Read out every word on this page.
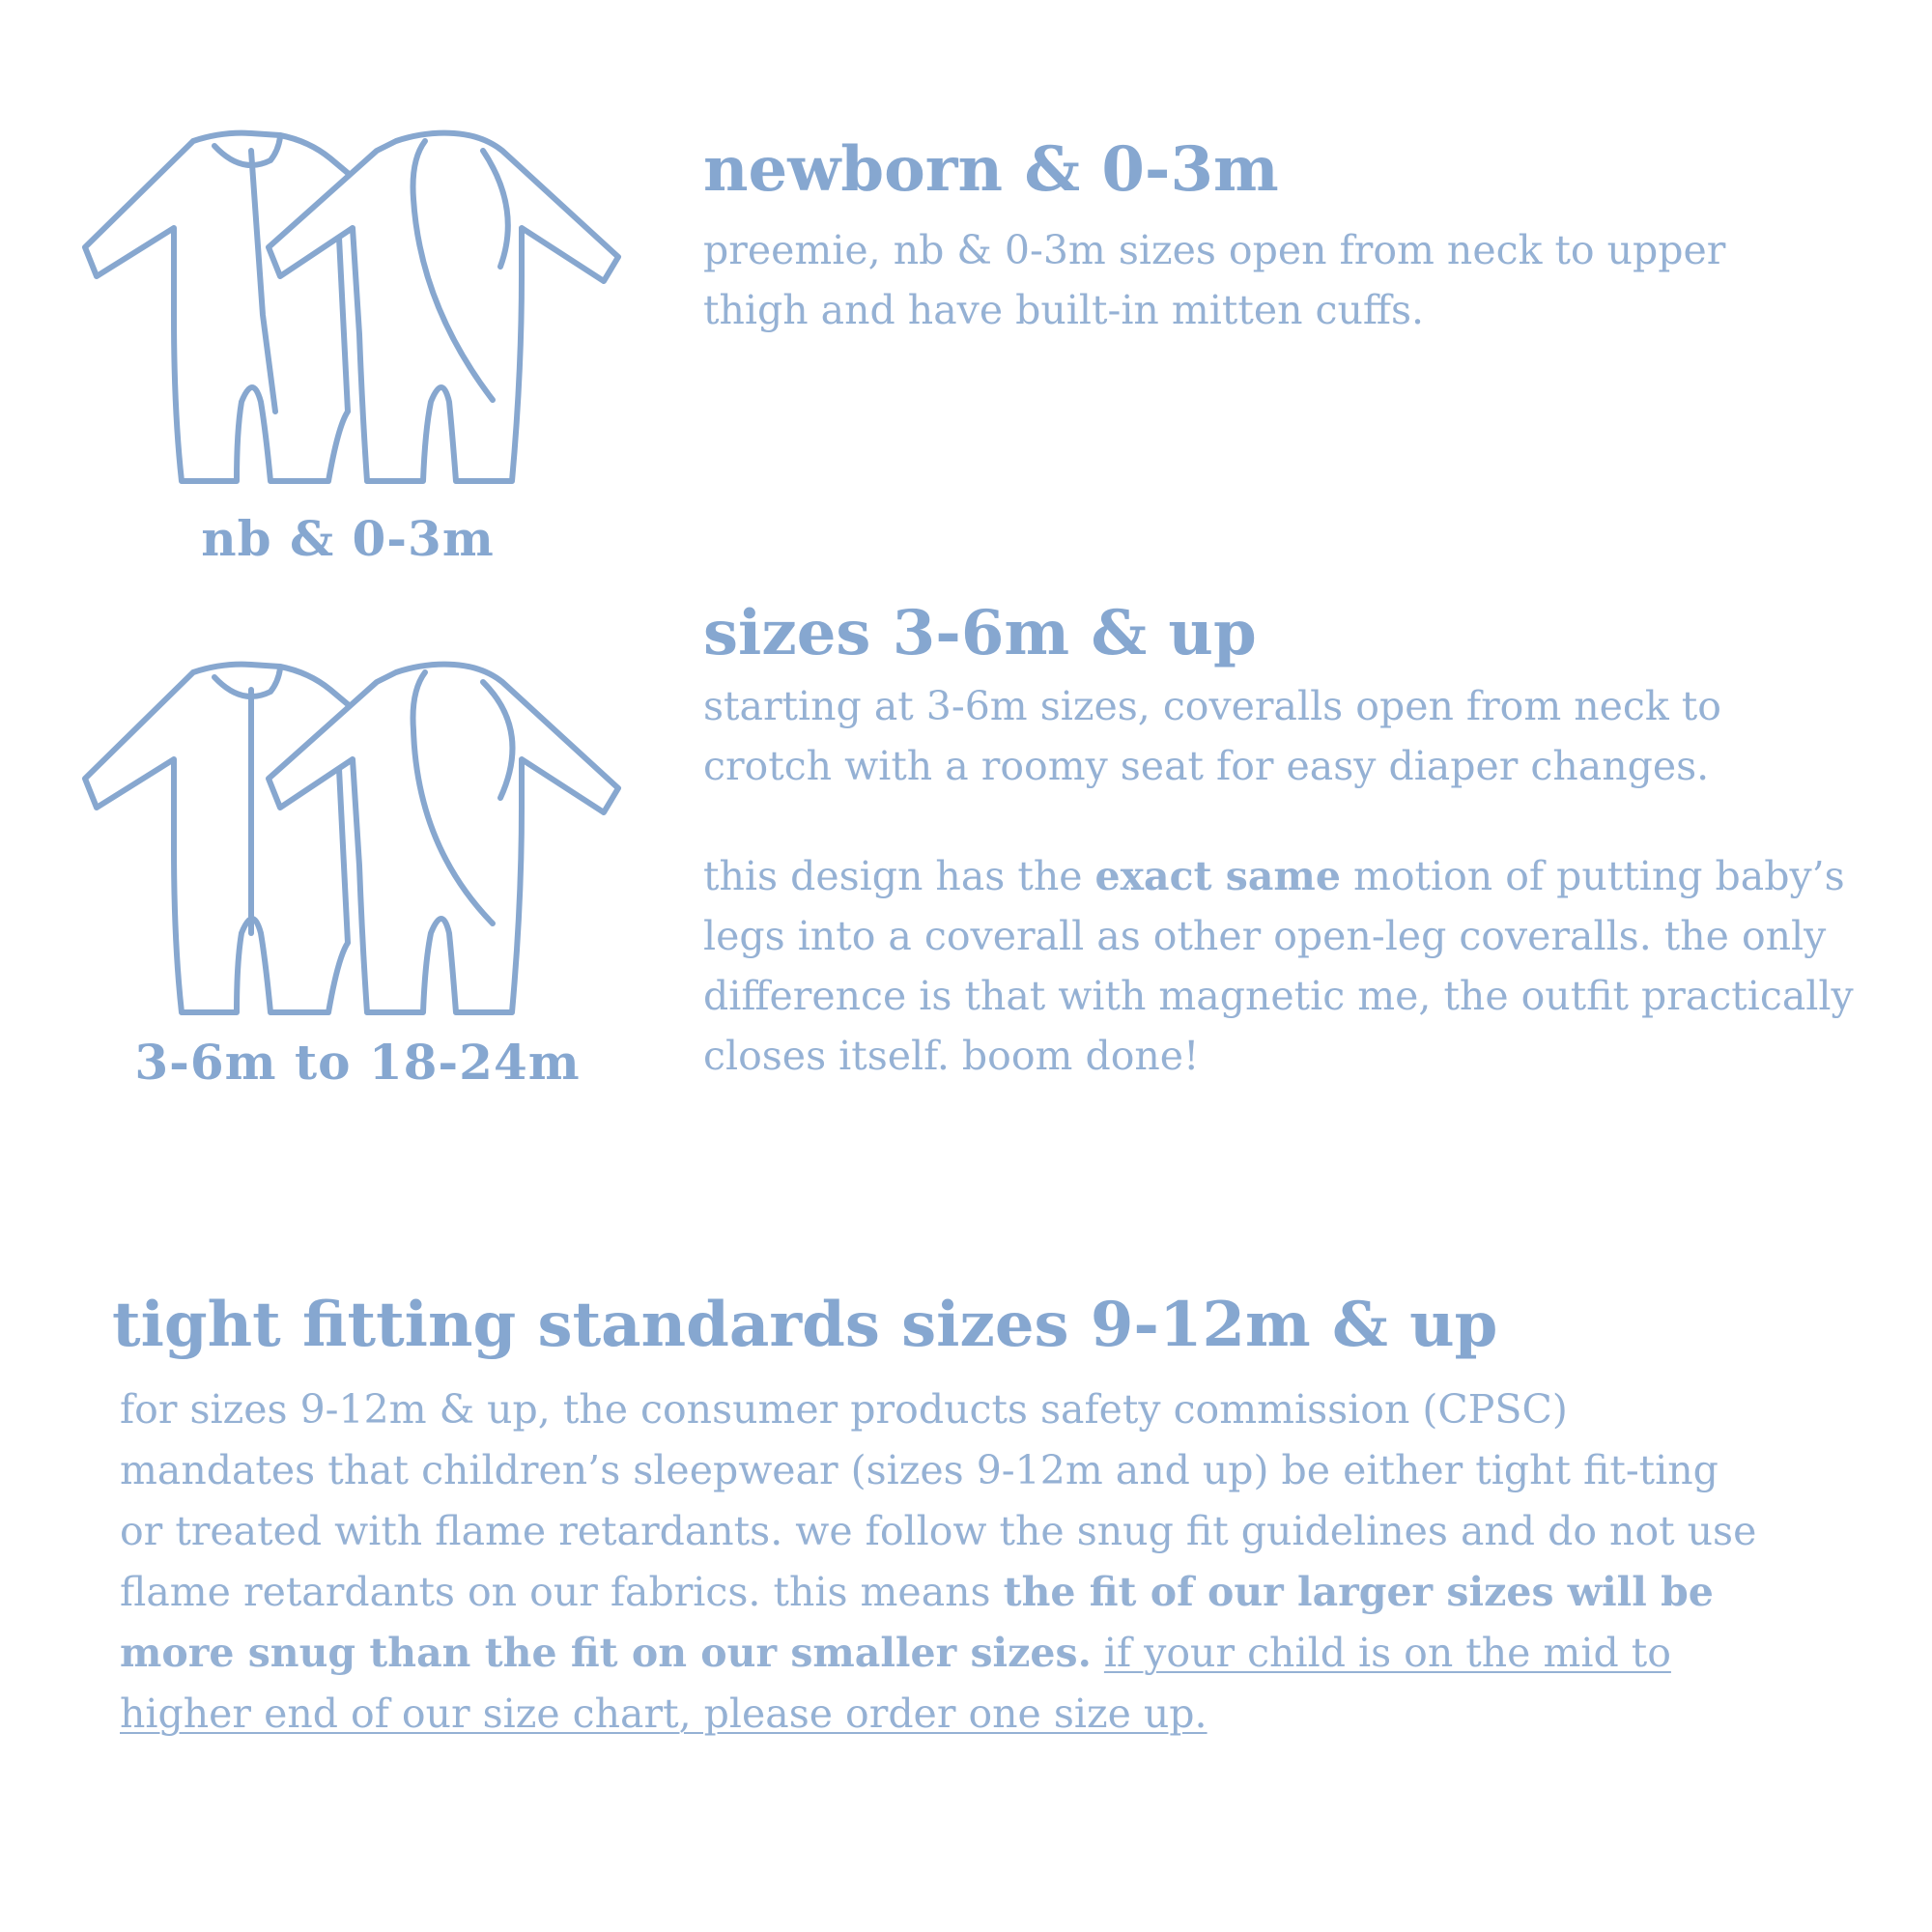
nb & 0-3m
newborn & 0-3m

preemie, nb & 0-3m sizes open from neck to upper thigh and have built-in mitten cuffs.

3-6m to 18-24m
sizes 3-6m & up

starting at 3-6m sizes, coveralls open from neck to crotch with a roomy seat for easy diaper changes.

this design has the exact same motion of putting baby’s legs into a coverall as other open-leg coveralls. the only difference is that with magnetic me, the outfit practically closes itself. boom done!

tight fitting standards sizes 9-12m & up

for sizes 9-12m & up, the consumer products safety commission (CPSC) mandates that children’s sleepwear (sizes 9-12m and up) be either tight fit-ting or treated with flame retardants. we follow the snug fit guidelines and do not use flame retardants on our fabrics. this means the fit of our larger sizes will be more snug than the fit on our smaller sizes. if your child is on the mid to higher end of our size chart, please order one size up.
